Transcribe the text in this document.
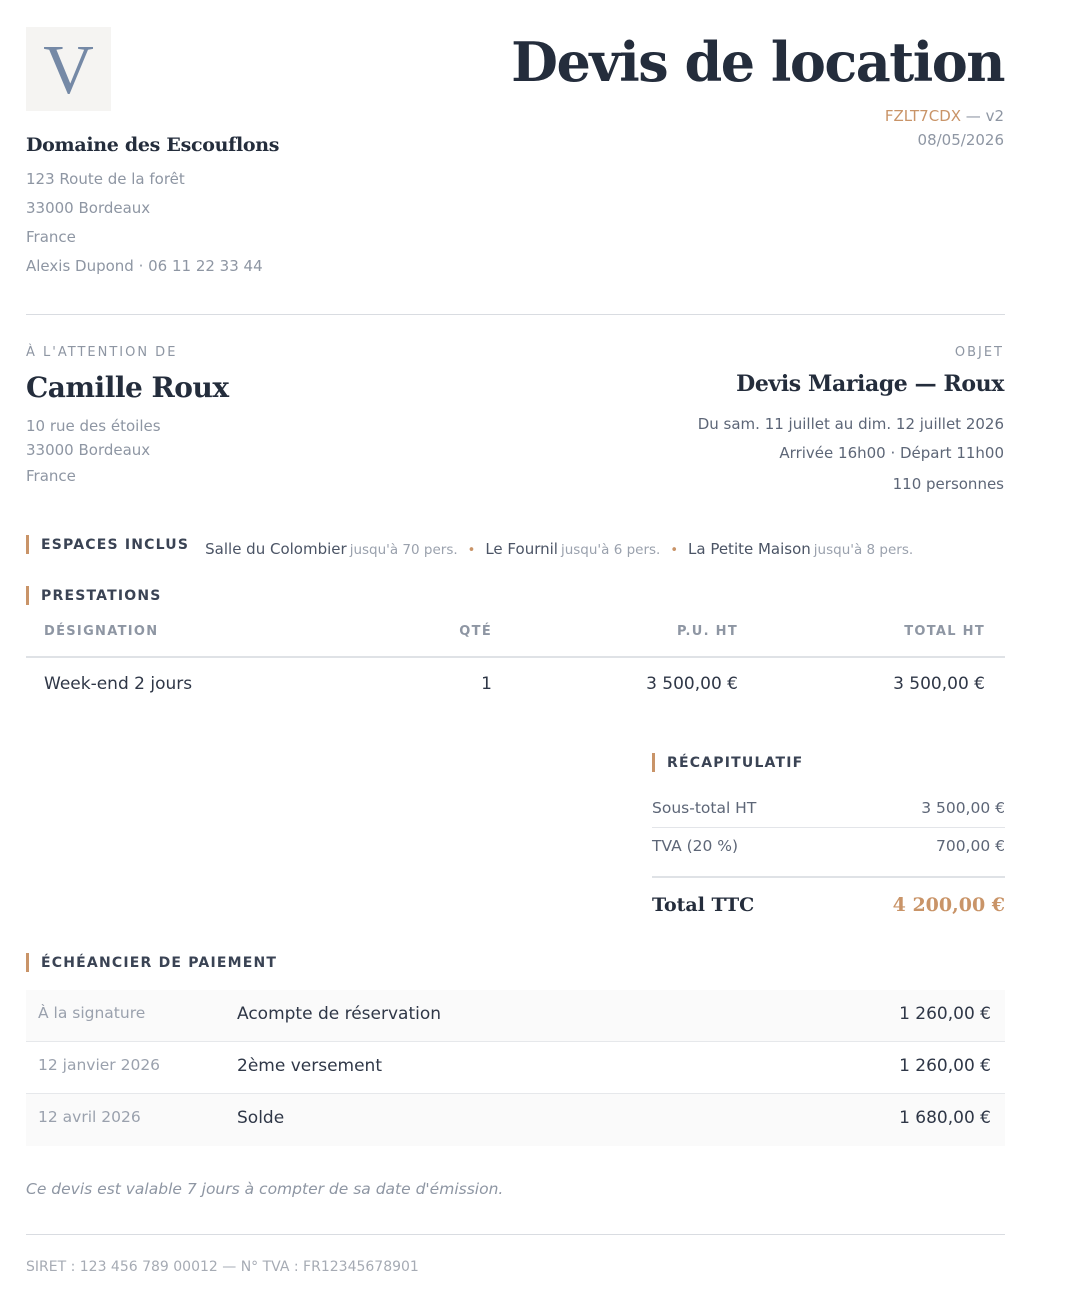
V	Devis de location
FZLT7CDX — v2
08/05/2026
Domaine des Escouflons
123 Route de la forêt
33000 Bordeaux
France
Alexis Dupond · 06 11 22 33 44
À L'ATTENTION DE
Camille Roux
10 rue des étoiles
33000 Bordeaux
France
OBJET
Devis Mariage — Roux
Du sam. 11 juillet au dim. 12 juillet 2026
Arrivée 16h00 · Départ 11h00
110 personnes
ESPACES INCLUS Salle du Colombier jusqu'à 70 pers. • Le Fournil jusqu'à 6 pers. • La Petite Maison jusqu'à 8 pers.
PRESTATIONS
DÉSIGNATION	QTÉ	P.U. HT	TOTAL HT
Week-end 2 jours	1	3 500,00 €	3 500,00 €
RÉCAPITULATIF
Sous-total HT	3 500,00 €
TVA (20 %)	700,00 €
Total TTC	4 200,00 €
ÉCHÉANCIER DE PAIEMENT
À la signature	Acompte de réservation	1 260,00 €
12 janvier 2026	2ème versement	1 260,00 €
12 avril 2026	Solde	1 680,00 €
Ce devis est valable 7 jours à compter de sa date d'émission.
SIRET : 123 456 789 00012 — N° TVA : FR12345678901
